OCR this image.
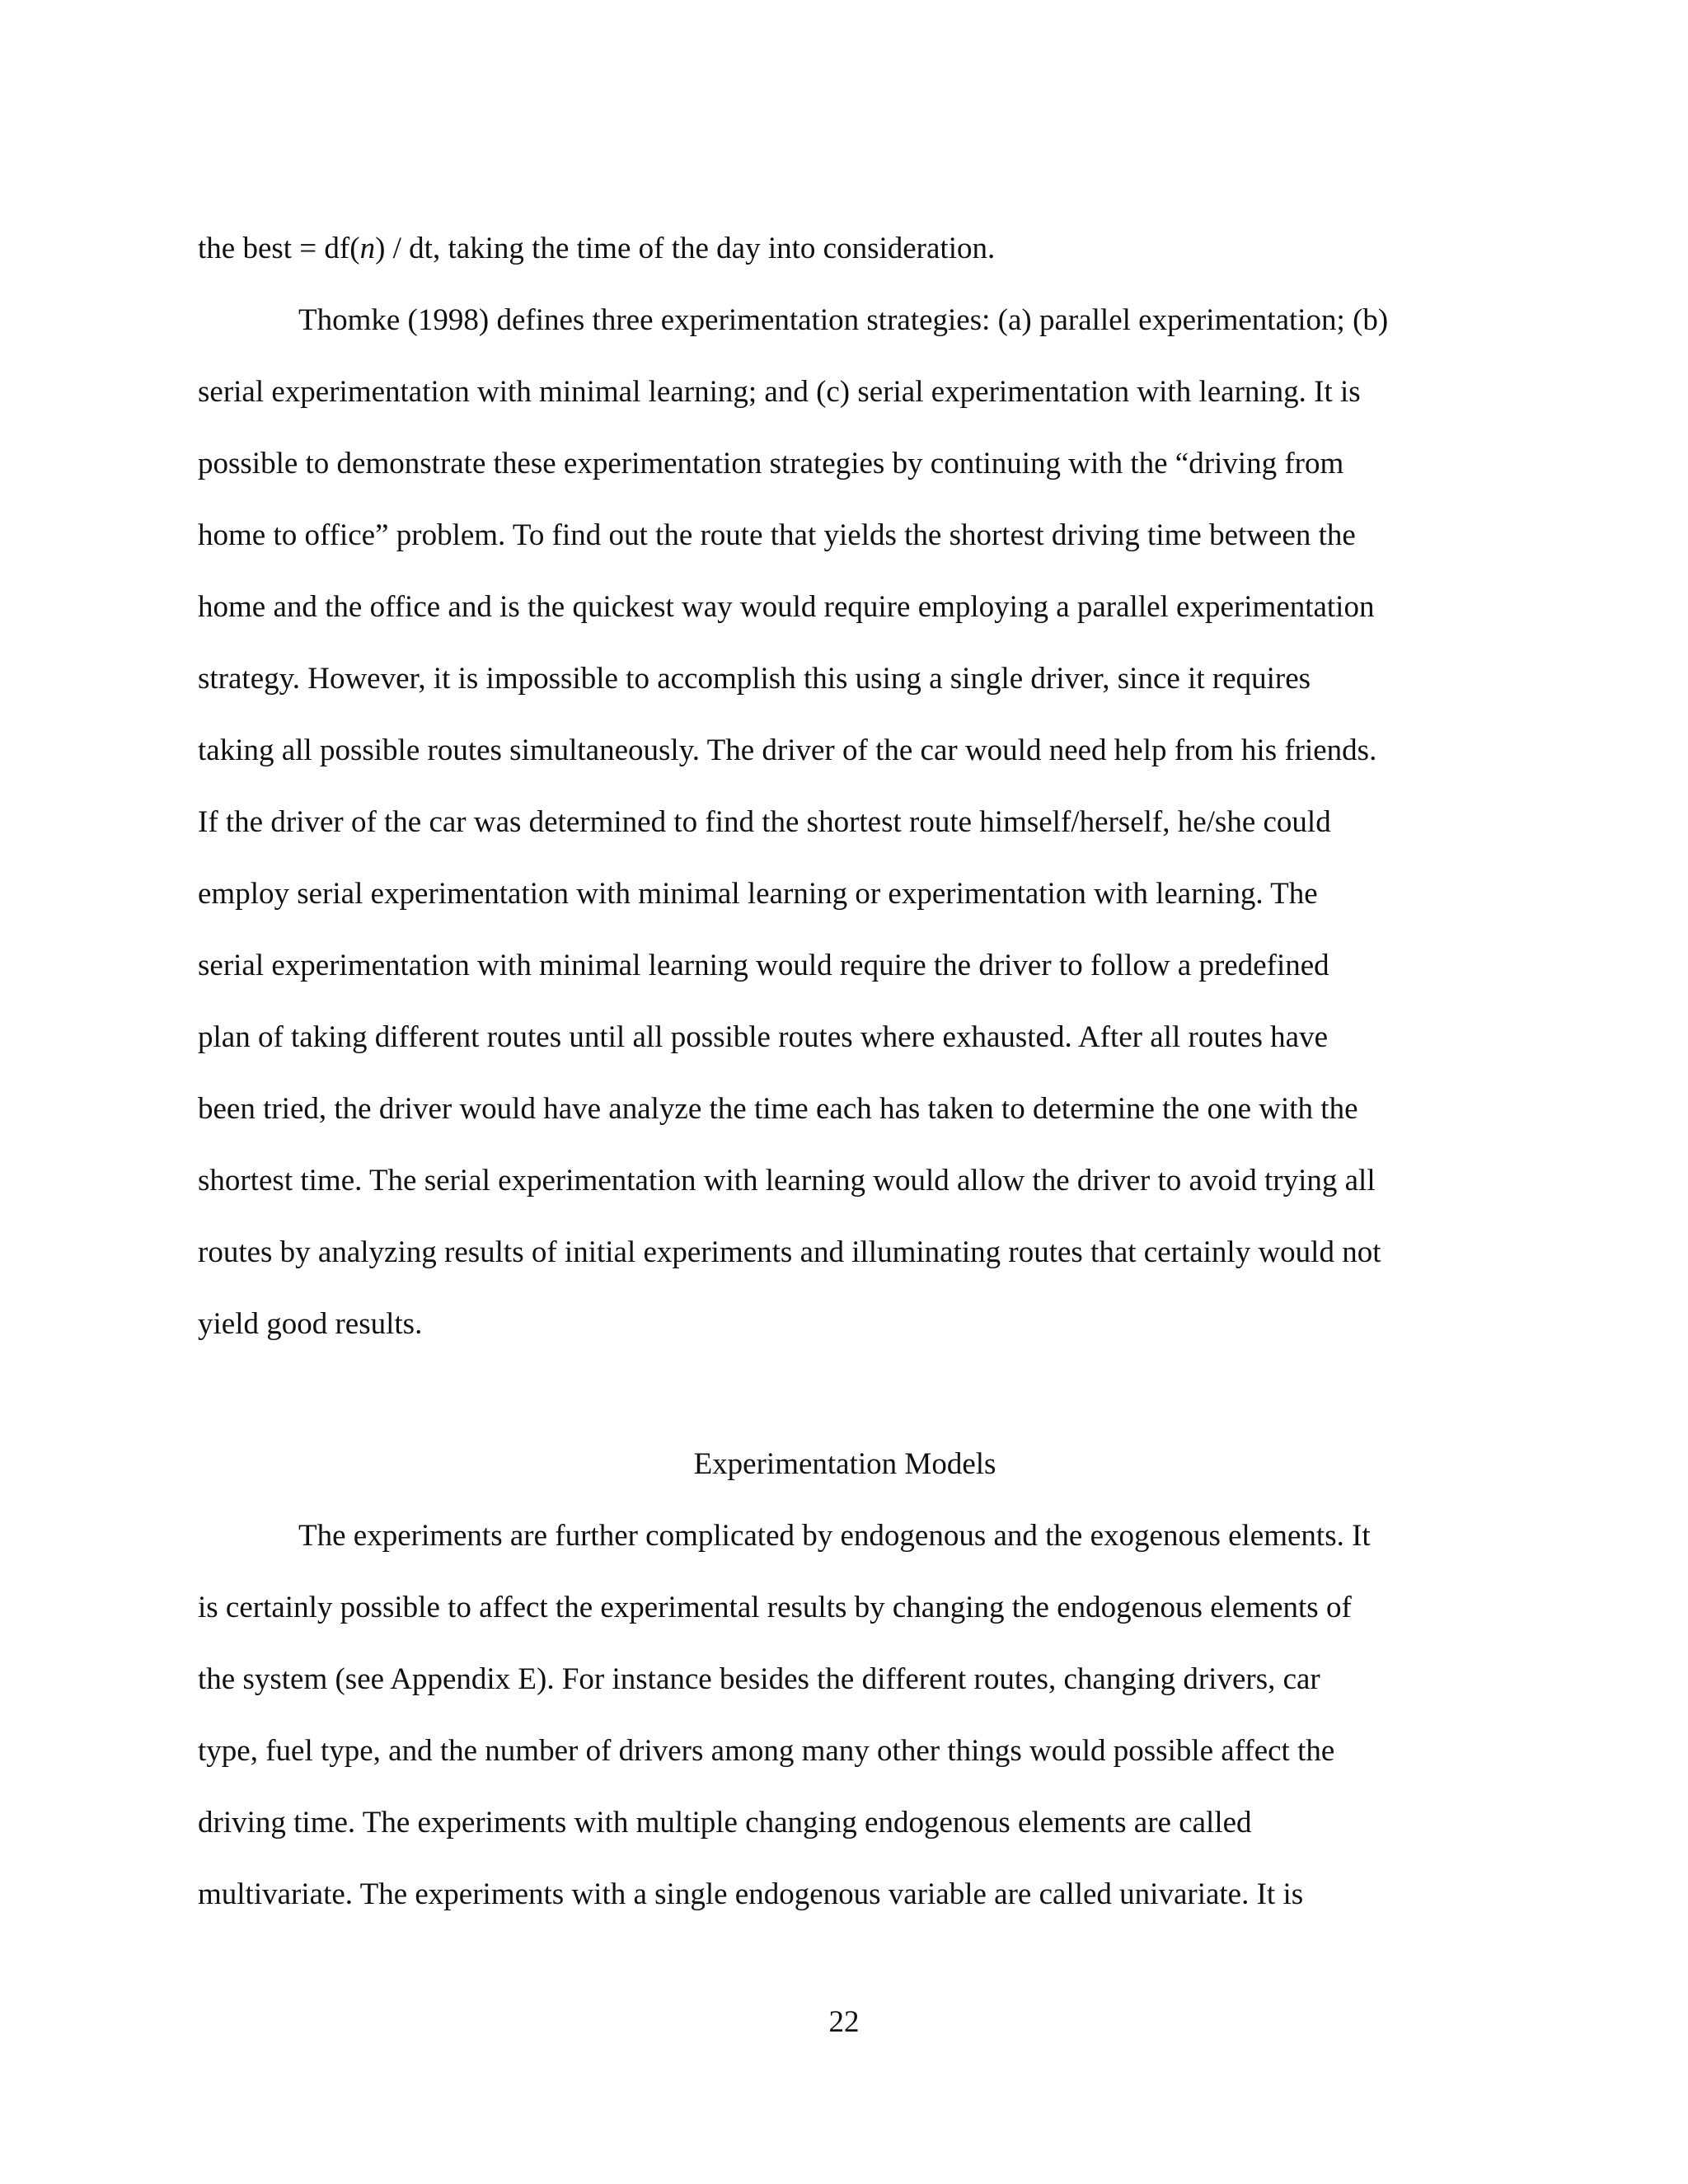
the best = df(n) / dt, taking the time of the day into consideration.
Thomke (1998) defines three experimentation strategies: (a) parallel experimentation; (b)
serial experimentation with minimal learning; and (c) serial experimentation with learning. It is
possible to demonstrate these experimentation strategies by continuing with the “driving from
home to office” problem. To find out the route that yields the shortest driving time between the
home and the office and is the quickest way would require employing a parallel experimentation
strategy. However, it is impossible to accomplish this using a single driver, since it requires
taking all possible routes simultaneously. The driver of the car would need help from his friends.
If the driver of the car was determined to find the shortest route himself/herself, he/she could
employ serial experimentation with minimal learning or experimentation with learning. The
serial experimentation with minimal learning would require the driver to follow a predefined
plan of taking different routes until all possible routes where exhausted. After all routes have
been tried, the driver would have analyze the time each has taken to determine the one with the
shortest time. The serial experimentation with learning would allow the driver to avoid trying all
routes by analyzing results of initial experiments and illuminating routes that certainly would not
yield good results.
Experimentation Models
The experiments are further complicated by endogenous and the exogenous elements. It
is certainly possible to affect the experimental results by changing the endogenous elements of
the system (see Appendix E). For instance besides the different routes, changing drivers, car
type, fuel type, and the number of drivers among many other things would possible affect the
driving time. The experiments with multiple changing endogenous elements are called
multivariate. The experiments with a single endogenous variable are called univariate. It is
22
